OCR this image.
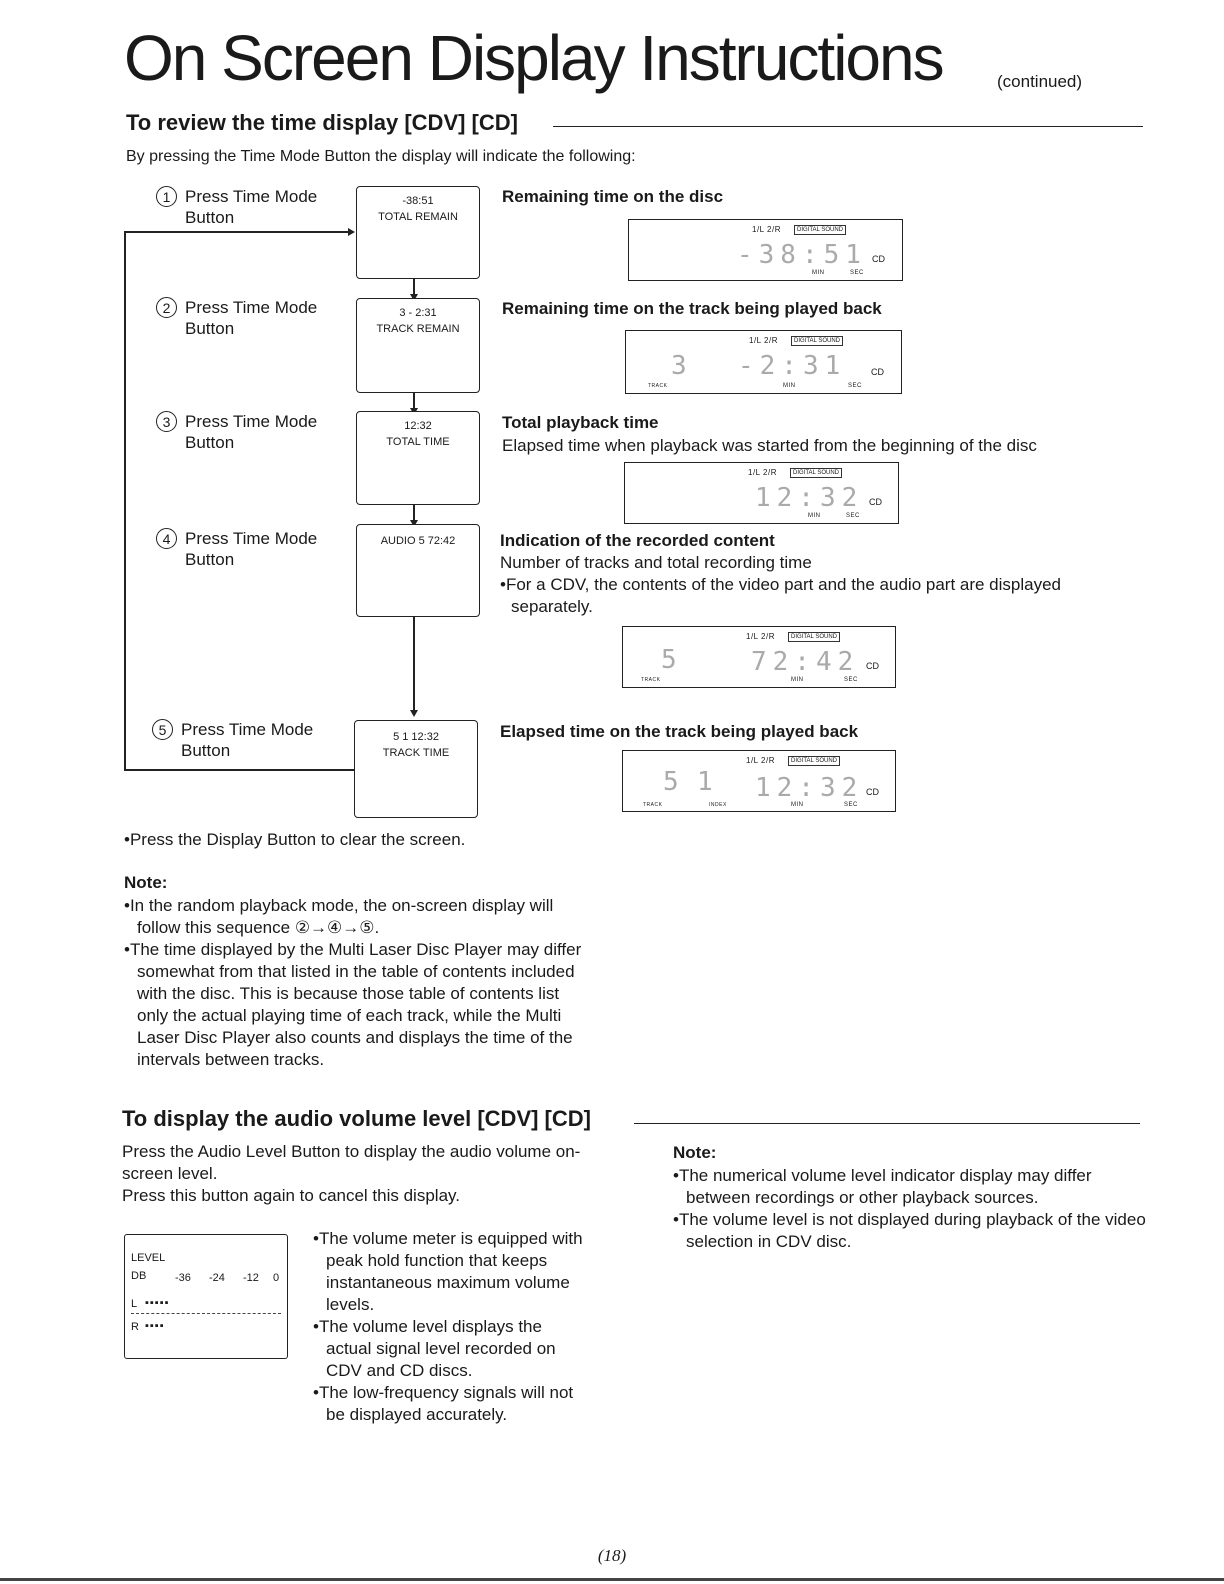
On Screen Display Instructions	(continued)
To review the time display [CDV] [CD]
By pressing the Time Mode Button the display will indicate the following:
1 Press Time Mode Button
-38:51
TOTAL REMAIN
Remaining time on the disc
1/L 2/R	DIGITAL SOUND
-38:51 CD
MIN	SEC
2 Press Time Mode Button
3 - 2:31
TRACK REMAIN
Remaining time on the track being played back
1/L 2/R	DIGITAL SOUND
3 -2:31	CD
TRACK	MIN	SEC
3 Press Time Mode Button
12:32
TOTAL TIME
Total playback time
Elapsed time when playback was started from the beginning of the disc
1/L 2/R	DIGITAL SOUND
12:32 CD
MIN	SEC
4 Press Time Mode Button
AUDIO 5 72:42	Indication of the recorded content
Number of tracks and total recording time
•For a CDV, the contents of the video part and the audio part are displayed separately.
1/L 2/R	DIGITAL SOUND
5	72:42 CD
TRACK	MIN	SEC
5 Press Time Mode Button
5 1 12:32
TRACK TIME
Elapsed time on the track being played back
1/L 2/R	DIGITAL SOUND
5 1 12:32 CD
TRACK	INDEX	MIN	SEC
•Press the Display Button to clear the screen.
Note:
•In the random playback mode, the on-screen display will follow this sequence ②→④→⑤.
•The time displayed by the Multi Laser Disc Player may differ somewhat from that listed in the table of contents included with the disc. This is because those table of contents list only the actual playing time of each track, while the Multi Laser Disc Player also counts and displays the time of the intervals between tracks.
To display the audio volume level [CDV] [CD]
Press the Audio Level Button to display the audio volume on-screen level.
Press this button again to cancel this display.
LEVEL
DB	-36 -24 -12 0
L ▪▪▪▪▪
R ▪▪▪▪
•The volume meter is equipped with peak hold function that keeps instantaneous maximum volume levels.
•The volume level displays the actual signal level recorded on CDV and CD discs.
•The low-frequency signals will not be displayed accurately.
Note:
•The numerical volume level indicator display may differ between recordings or other playback sources.
•The volume level is not displayed during playback of the video selection in CDV disc.
(18)
